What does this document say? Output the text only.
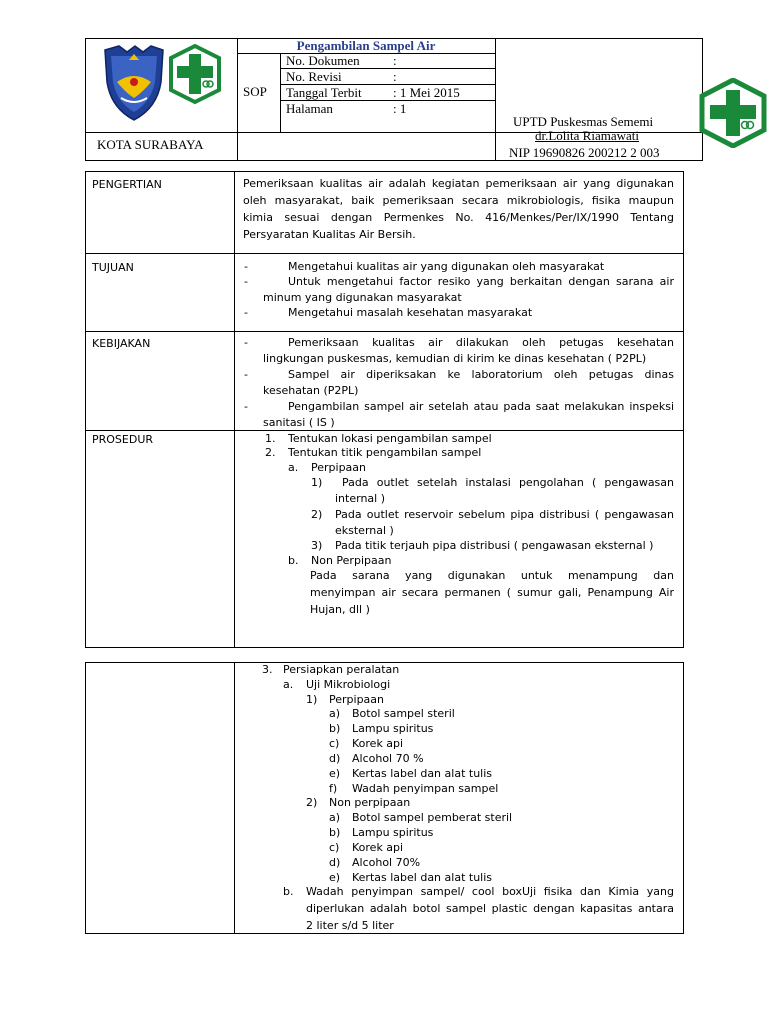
Pengambilan Sampel Air
SOP
No. Dokumen	:
No. Revisi	:
Tanggal Terbit : 1 Mei 2015
Halaman	: 1
UPTD Puskesmas Sememi
KOTA SURABAYA
dr.Lolita Riamawati
NIP 19690826 200212 2 003
PENGERTIAN	Pemeriksaan kualitas air adalah kegiatan pemeriksaan air yang digunakan
oleh masyarakat, baik pemeriksaan secara mikrobiologis, fisika maupun
kimia sesuai dengan Permenkes No. 416/Menkes/Per/IX/1990 Tentang
Persyaratan Kualitas Air Bersih.
TUJUAN	-	Mengetahui kualitas air yang digunakan oleh masyarakat
-	Untuk mengetahui factor resiko yang berkaitan dengan sarana air
minum yang digunakan masyarakat
-	Mengetahui masalah kesehatan masyarakat
KEBIJAKAN	-	Pemeriksaan kualitas air dilakukan oleh petugas kesehatan
lingkungan puskesmas, kemudian di kirim ke dinas kesehatan ( P2PL)
-	Sampel air diperiksakan ke laboratorium oleh petugas dinas
kesehatan (P2PL)
-	Pengambilan sampel air setelah atau pada saat melakukan inspeksi
sanitasi ( IS )
PROSEDUR	1. Tentukan lokasi pengambilan sampel
2. Tentukan titik pengambilan sampel
a. Perpipaan
1) Pada outlet setelah instalasi pengolahan ( pengawasan
internal )
2) Pada outlet reservoir sebelum pipa distribusi ( pengawasan
eksternal )
3) Pada titik terjauh pipa distribusi ( pengawasan eksternal )
b. Non Perpipaan
Pada sarana yang digunakan untuk menampung dan
menyimpan air secara permanen ( sumur gali, Penampung Air
Hujan, dll )
3. Persiapkan peralatan
a. Uji Mikrobiologi
1) Perpipaan
a) Botol sampel steril
b) Lampu spiritus
c) Korek api
d) Alcohol 70 %
e) Kertas label dan alat tulis
f) Wadah penyimpan sampel
2) Non perpipaan
a) Botol sampel pemberat steril
b) Lampu spiritus
c) Korek api
d) Alcohol 70%
e) Kertas label dan alat tulis
b. Wadah penyimpan sampel/ cool boxUji fisika dan Kimia yang
diperlukan adalah botol sampel plastic dengan kapasitas antara
2 liter s/d 5 liter
